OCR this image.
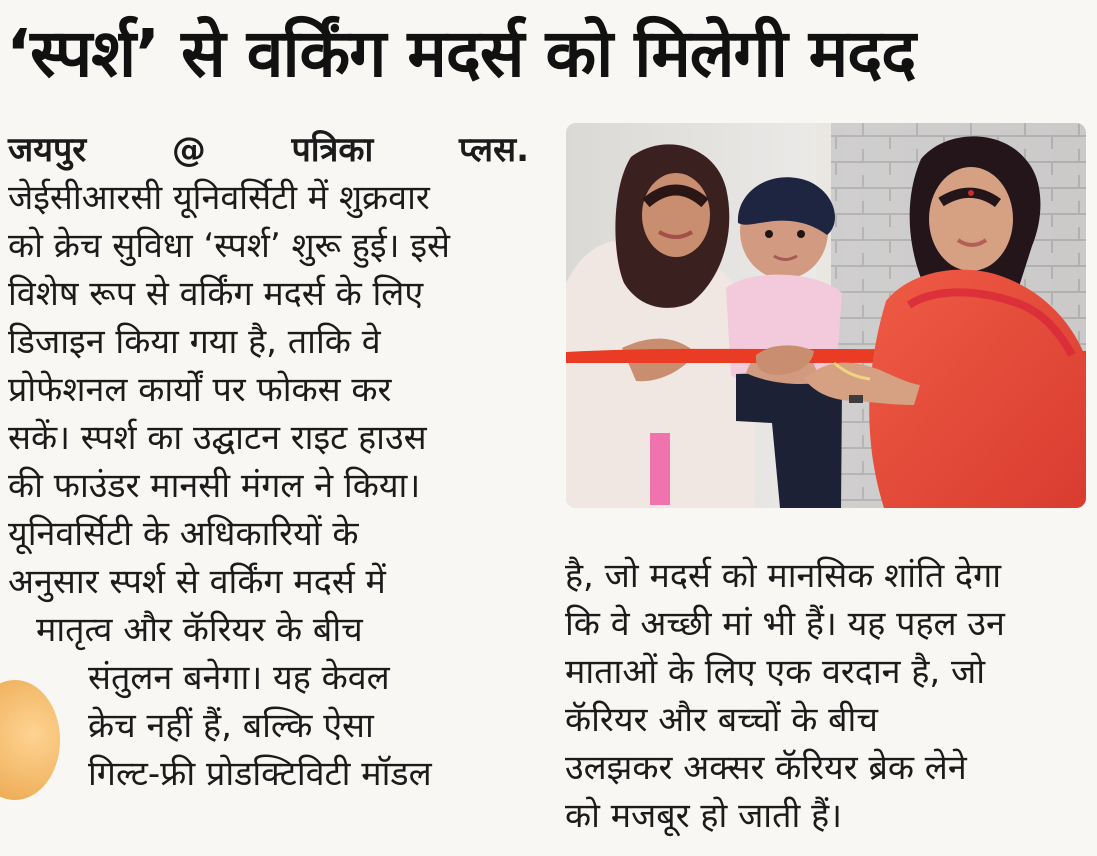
‘स्पर्श’ से वर्किंग मदर्स को मिलेगी मदद
जयपुर	@	पत्रिका	प्लस.
जेईसीआरसी यूनिवर्सिटी में शुक्रवार
को क्रेच सुविधा ‘स्पर्श’ शुरू हुई। इसे
विशेष रूप से वर्किंग मदर्स के लिए
डिजाइन किया गया है, ताकि वे
प्रोफेशनल कार्यों पर फोकस कर
सकें। स्पर्श का उद्घाटन राइट हाउस
की फाउंडर मानसी मंगल ने किया।
यूनिवर्सिटी के अधिकारियों के
अनुसार स्पर्श से वर्किंग मदर्स में
मातृत्व और कॅरियर के बीच
संतुलन बनेगा। यह केवल
क्रेच नहीं हैं, बल्कि ऐसा
गिल्ट-फ्री प्रोडक्टिविटी मॉडल
है, जो मदर्स को मानसिक शांति देगा
कि वे अच्छी मां भी हैं। यह पहल उन
माताओं के लिए एक वरदान है, जो
कॅरियर और बच्चों के बीच
उलझकर अक्सर कॅरियर ब्रेक लेने
को मजबूर हो जाती हैं।
